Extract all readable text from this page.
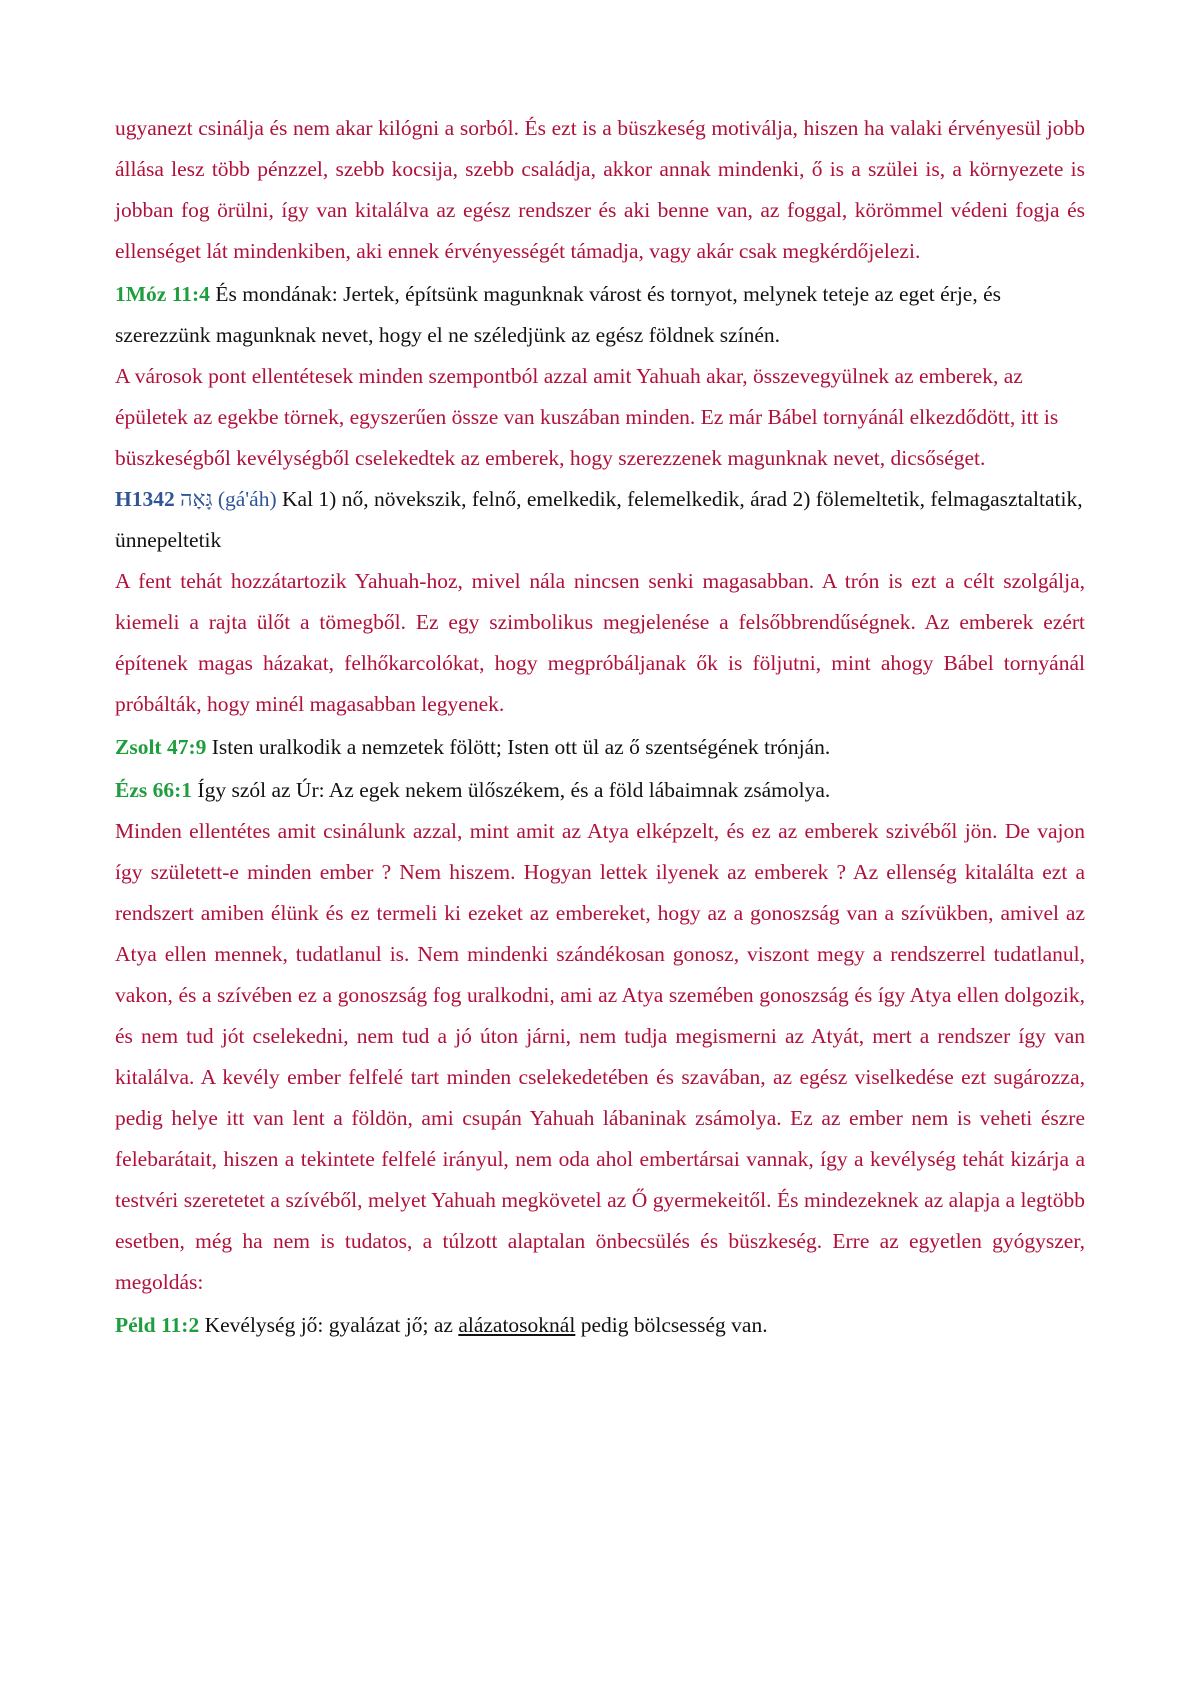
ugyanezt csinálja és nem akar kilógni a sorból. És ezt is a büszkeség motiválja, hiszen ha valaki érvényesül jobb állása lesz több pénzzel, szebb kocsija, szebb családja, akkor annak mindenki, ő is a szülei is, a környezete is jobban fog örülni, így van kitalálva az egész rendszer és aki benne van, az foggal, körömmel védeni fogja és ellenséget lát mindenkiben, aki ennek érvényességét támadja, vagy akár csak megkérdőjelezi.

1Móz 11:4 És mondának: Jertek, építsünk magunknak várost és tornyot, melynek teteje az eget érje, és szerezzünk magunknak nevet, hogy el ne széledjünk az egész földnek színén.

A városok pont ellentétesek minden szempontból azzal amit Yahuah akar, összevegyülnek az emberek, az épületek az egekbe törnek, egyszerűen össze van kuszában minden. Ez már Bábel tornyánál elkezdődött, itt is büszkeségből kevélységből cselekedtek az emberek, hogy szerezzenek magunknak nevet, dicsőséget.

H1342 גָּאָה (gá'áh) Kal 1) nő, növekszik, felnő, emelkedik, felemelkedik, árad 2) fölemeltetik, felmagasztaltatik, ünnepeltetik

A fent tehát hozzátartozik Yahuah-hoz, mivel nála nincsen senki magasabban. A trón is ezt a célt szolgálja, kiemeli a rajta ülőt a tömegből. Ez egy szimbolikus megjelenése a felsőbbrendűségnek. Az emberek ezért építenek magas házakat, felhőkarcolókat, hogy megpróbáljanak ők is följutni, mint ahogy Bábel tornyánál próbálták, hogy minél magasabban legyenek.

Zsolt 47:9 Isten uralkodik a nemzetek fölött; Isten ott ül az ő szentségének trónján.

Ézs 66:1 Így szól az Úr: Az egek nekem ülőszékem, és a föld lábaimnak zsámolya.

Minden ellentétes amit csinálunk azzal, mint amit az Atya elképzelt, és ez az emberek szivéből jön. De vajon így született-e minden ember ? Nem hiszem. Hogyan lettek ilyenek az emberek ? Az ellenség kitalálta ezt a rendszert amiben élünk és ez termeli ki ezeket az embereket, hogy az a gonoszság van a szívükben, amivel az Atya ellen mennek, tudatlanul is. Nem mindenki szándékosan gonosz, viszont megy a rendszerrel tudatlanul, vakon, és a szívében ez a gonoszság fog uralkodni, ami az Atya szemében gonoszság és így Atya ellen dolgozik, és nem tud jót cselekedni, nem tud a jó úton járni, nem tudja megismerni az Atyát, mert a rendszer így van kitalálva. A kevély ember felfelé tart minden cselekedetében és szavában, az egész viselkedése ezt sugározza, pedig helye itt van lent a földön, ami csupán Yahuah lábaninak zsámolya. Ez az ember nem is veheti észre felebarátait, hiszen a tekintete felfelé irányul, nem oda ahol embertársai vannak, így a kevélység tehát kizárja a testvéri szeretetet a szívéből, melyet Yahuah megkövetel az Ő gyermekeitől. És mindezeknek az alapja a legtöbb esetben, még ha nem is tudatos, a túlzott alaptalan önbecsülés és büszkeség. Erre az egyetlen gyógyszer, megoldás:

Péld 11:2 Kevélység jő: gyalázat jő; az alázatosoknál pedig bölcsesség van.
